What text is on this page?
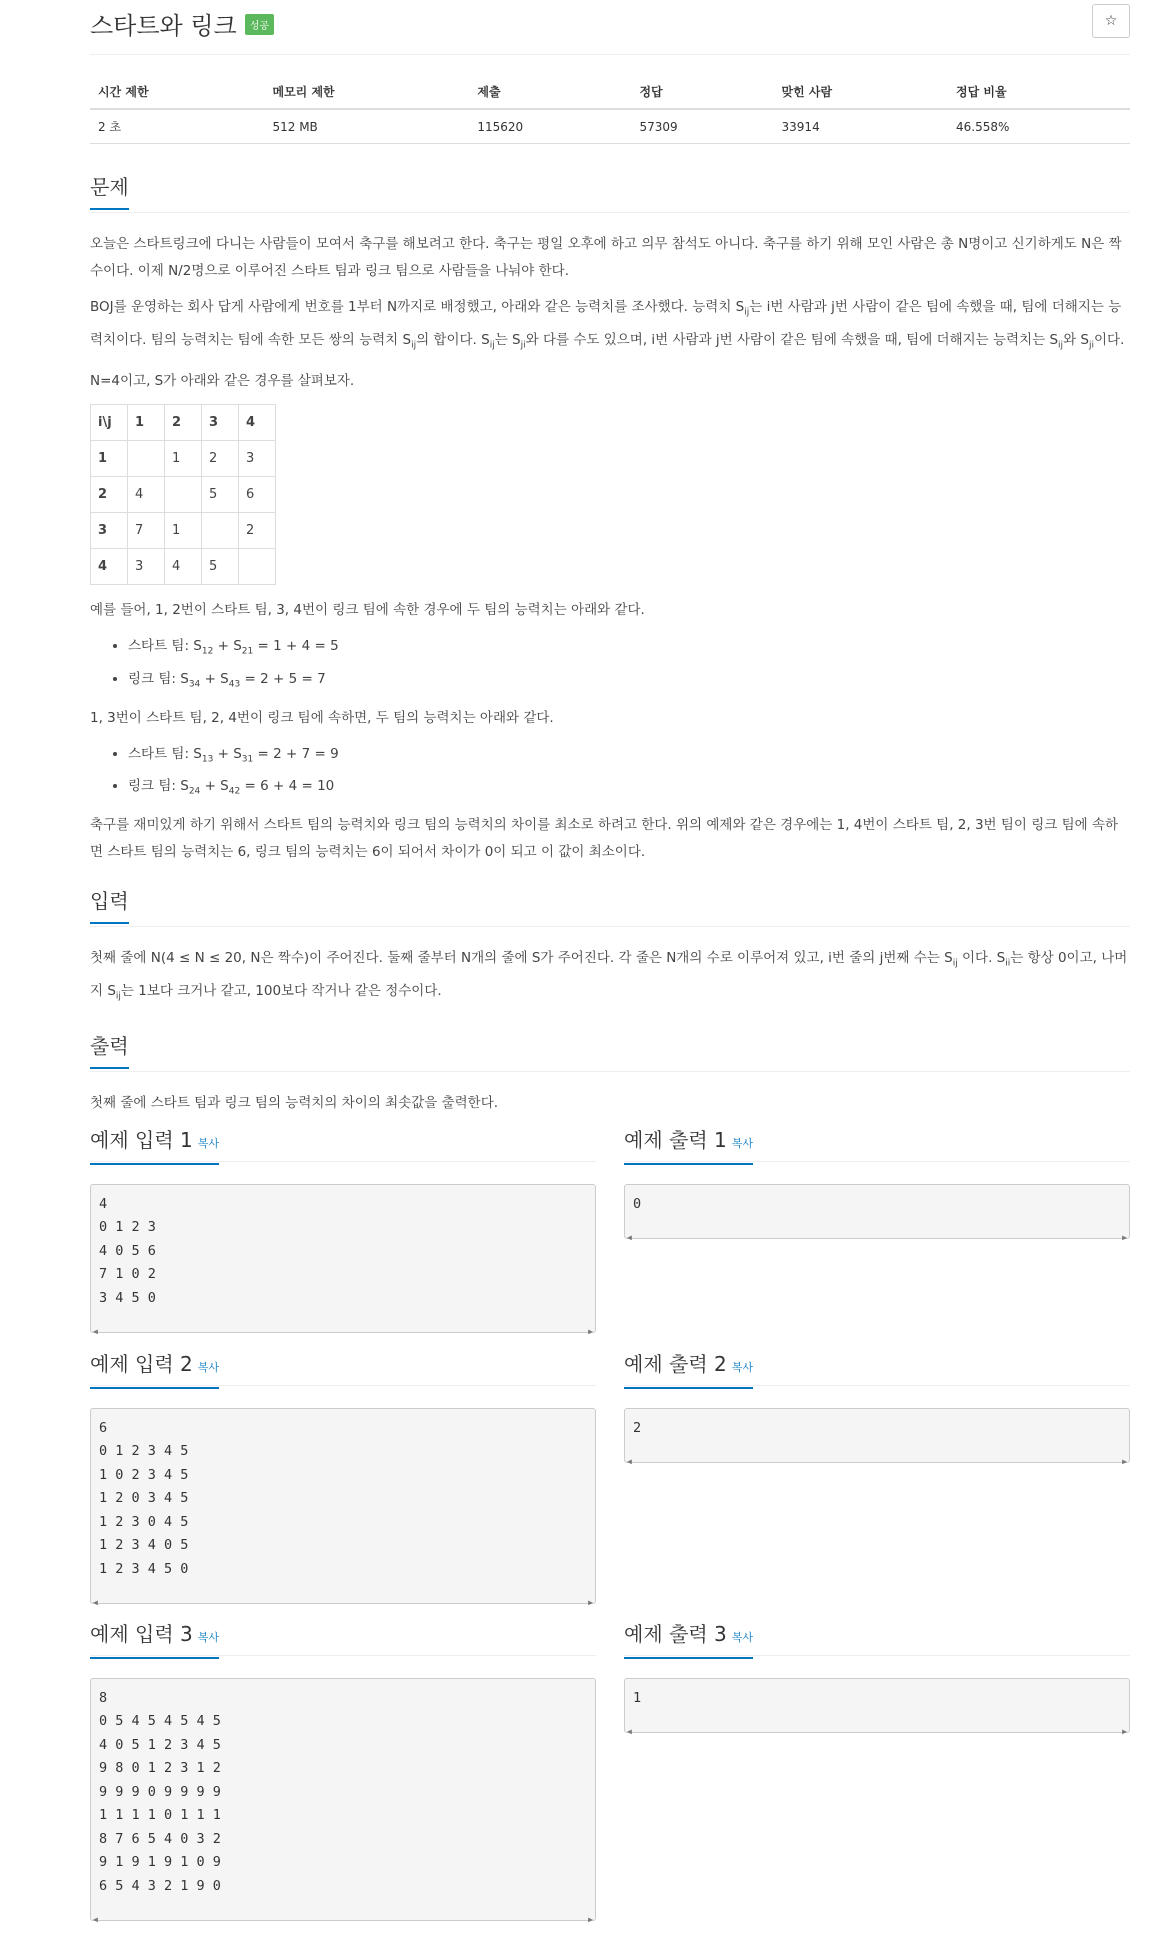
스타트와 링크 성공	☆
시간 제한	메모리 제한	제출	정답	맞힌 사람	정답 비율
2 초	512 MB	115620	57309	33914	46.558%
문제

오늘은 스타트링크에 다니는 사람들이 모여서 축구를 해보려고 한다. 축구는 평일 오후에 하고 의무 참석도 아니다. 축구를 하기 위해 모인 사람은 총 N명이고 신기하게도 N은 짝수이다. 이제 N/2명으로 이루어진 스타트 팀과 링크 팀으로 사람들을 나눠야 한다.

BOJ를 운영하는 회사 답게 사람에게 번호를 1부터 N까지로 배정했고, 아래와 같은 능력치를 조사했다. 능력치 $S_{ij}$는 i번 사람과 j번 사람이 같은 팀에 속했을 때, 팀에 더해지는 능력치이다. 팀의 능력치는 팀에 속한 모든 쌍의 능력치 $S_{ij}$의 합이다. $S_{ij}$는 $S_{ji}$와 다를 수도 있으며, i번 사람과 j번 사람이 같은 팀에 속했을 때, 팀에 더해지는 능력치는 $S_{ij}$와 $S_{ji}$이다.

N=4이고, S가 아래와 같은 경우를 살펴보자.

i\j	1	2	3	4
1		1	2	3
2	4		5	6
3	7	1		2
4	3	4	5	

예를 들어, 1, 2번이 스타트 팀, 3, 4번이 링크 팀에 속한 경우에 두 팀의 능력치는 아래와 같다.

• 스타트 팀: $S_{12} + S_{21} = 1 + 4 = 5$
• 링크 팀: $S_{34} + S_{43} = 2 + 5 = 7$

1, 3번이 스타트 팀, 2, 4번이 링크 팀에 속하면, 두 팀의 능력치는 아래와 같다.

• 스타트 팀: $S_{13} + S_{31} = 2 + 7 = 9$
• 링크 팀: $S_{24} + S_{42} = 6 + 4 = 10$

축구를 재미있게 하기 위해서 스타트 팀의 능력치와 링크 팀의 능력치의 차이를 최소로 하려고 한다. 위의 예제와 같은 경우에는 1, 4번이 스타트 팀, 2, 3번 팀이 링크 팀에 속하면 스타트 팀의 능력치는 6, 링크 팀의 능력치는 6이 되어서 차이가 0이 되고 이 값이 최소이다.

입력

첫째 줄에 N(4 ≤ N ≤ 20, N은 짝수)이 주어진다. 둘째 줄부터 N개의 줄에 S가 주어진다. 각 줄은 N개의 수로 이루어져 있고, i번 줄의 j번째 수는 $S_{ij}$ 이다. $S_{ii}$는 항상 0이고, 나머지 $S_{ij}$는 1보다 크거나 같고, 100보다 작거나 같은 정수이다.

출력

첫째 줄에 스타트 팀과 링크 팀의 능력치의 차이의 최솟값을 출력한다.

예제 입력 1 복사
4
0 1 2 3
4 0 5 6
7 1 0 2
3 4 5 0
◀	▶
예제 출력 1 복사
0
◀	▶
예제 입력 2 복사
6
0 1 2 3 4 5
1 0 2 3 4 5
1 2 0 3 4 5
1 2 3 0 4 5
1 2 3 4 0 5
1 2 3 4 5 0
◀	▶
예제 출력 2 복사
2
◀	▶
예제 입력 3 복사
8
0 5 4 5 4 5 4 5
4 0 5 1 2 3 4 5
9 8 0 1 2 3 1 2
9 9 9 0 9 9 9 9
1 1 1 1 0 1 1 1
8 7 6 5 4 0 3 2
9 1 9 1 9 1 0 9
6 5 4 3 2 1 9 0
◀	▶
예제 출력 3 복사
1
◀	▶
